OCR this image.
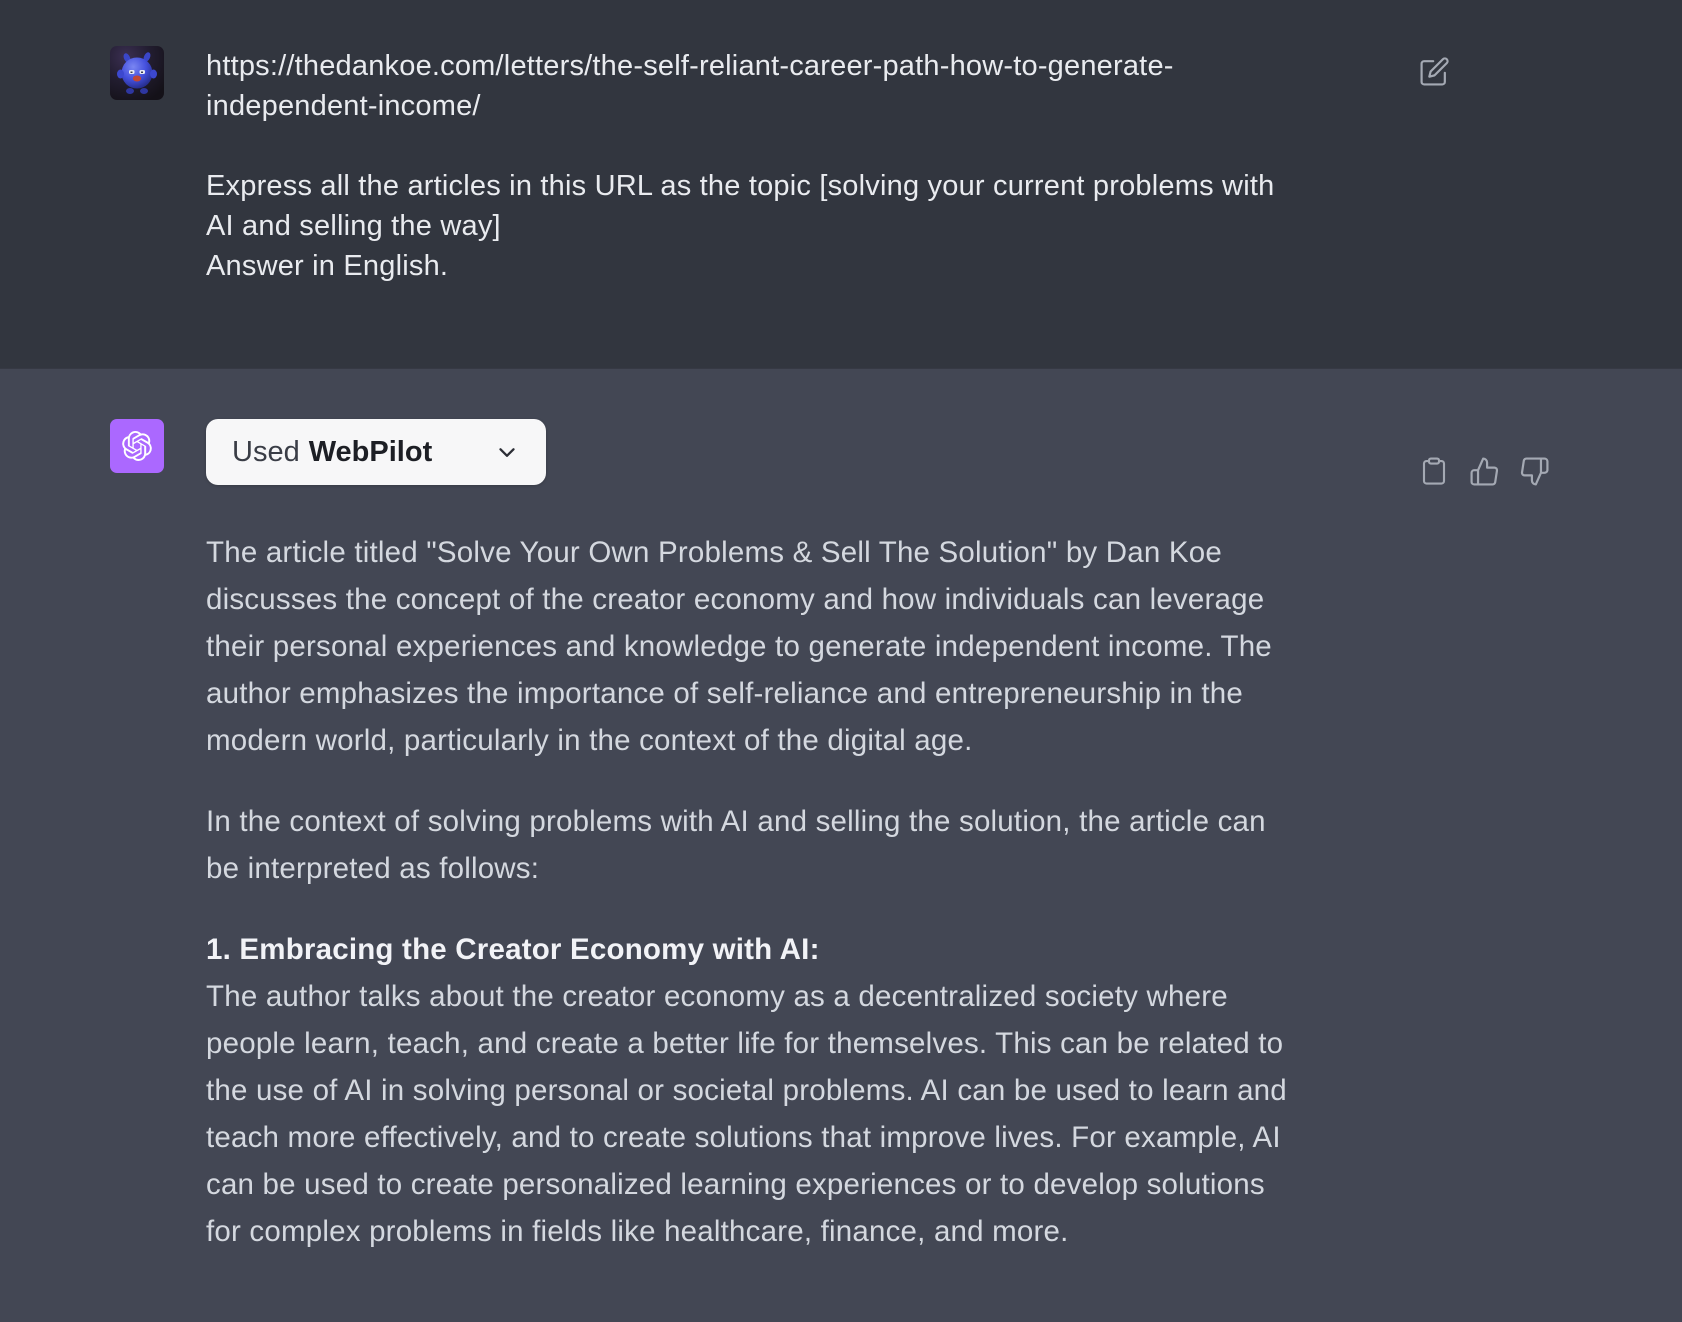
https://thedankoe.com/letters/the-self-reliant-career-path-how-to-generate-independent-income/

Express all the articles in this URL as the topic [solving your current problems with AI and selling the way]

Answer in English.

Used WebPilot

The article titled "Solve Your Own Problems & Sell The Solution" by Dan Koe discusses the concept of the creator economy and how individuals can leverage their personal experiences and knowledge to generate independent income. The author emphasizes the importance of self-reliance and entrepreneurship in the modern world, particularly in the context of the digital age.

In the context of solving problems with AI and selling the solution, the article can be interpreted as follows:

1. Embracing the Creator Economy with AI:
The author talks about the creator economy as a decentralized society where people learn, teach, and create a better life for themselves. This can be related to the use of AI in solving personal or societal problems. AI can be used to learn and teach more effectively, and to create solutions that improve lives. For example, AI can be used to create personalized learning experiences or to develop solutions for complex problems in fields like healthcare, finance, and more.
